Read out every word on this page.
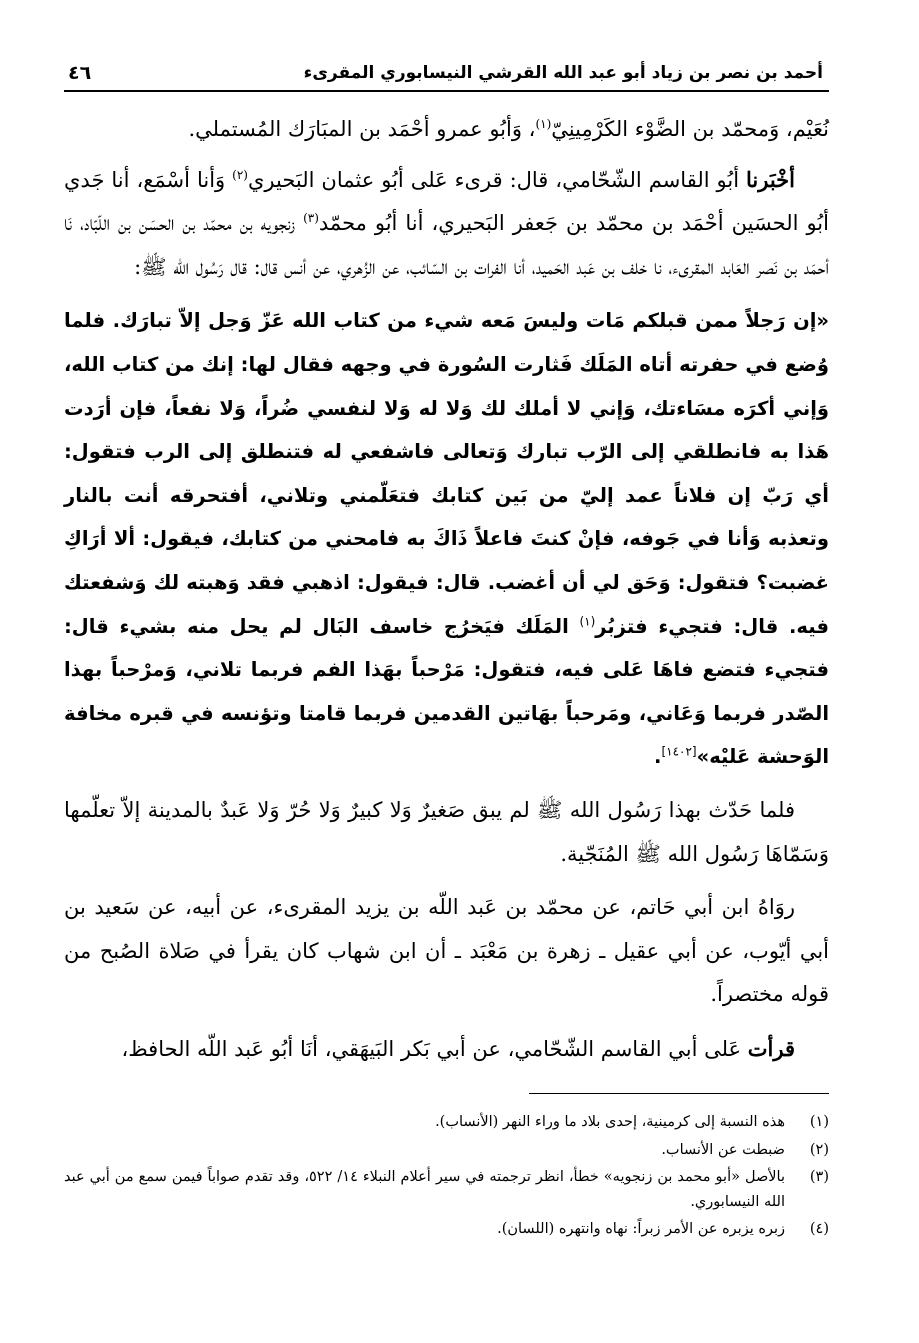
أحمد بن نصر بن زياد أبو عبد الله القرشي النيسابوري المقرىء
٤٦

نُعَيْم، وَمحمّد بن الضَّوْء الكَرْمِينِيّ$^{(١)}$، وَأبُو عمرو أحْمَد بن المبَارَك المُستملي.

أخْبَرنا أبُو القاسم الشّحّامي، قال: قرىء عَلى أبُو عثمان البَحيري$^{(٢)}$ وَأنا أسْمَع، أنا جَدي أبُو الحسَين أحْمَد بن محمّد بن جَعفر البَحيري، أنا أبُو محمّد$^{(٣)}$ زنجويه بن محمّد بن الحسَن بن اللّبّاد، نَا أحمَد بن نَصر العَابد المقرىء، نا خلف بن عَبد الحَميد، أنا الفرات بن السّائب، عن الزُهري، عن أنس قال: قال رَسُول الله ﷺ:

«إن رَجلاً ممن قبلكم مَات وليسَ مَعه شيء من كتاب الله عَزّ وَجل إلاّ تبارَك. فلما وُضع في حفرته أتاه المَلَك فَثارت السُورة في وجهه فقال لها: إنك من كتاب الله، وَإني أكرَه مسَاءتك، وَإني لا أملك لك وَلا له وَلا لنفسي ضُراً، وَلا نفعاً، فإن أرَدت هَذا به فانطلقي إلى الرّب تبارك وَتعالى فاشفعي له فتنطلق إلى الرب فتقول: أي رَبّ إن فلاناً عمد إليّ من بَين كتابك فتعَلّمني وتلاني، أفتحرقه أنت بالنار وتعذبه وَأنا في جَوفه، فإنْ كنتَ فاعلاً ذَاكَ به فامحني من كتابك، فيقول: ألا أرَاكِ غضبت؟ فتقول: وَحَق لي أن أغضب. قال: فيقول: اذهبي فقد وَهبته لك وَشفعتك فيه. قال: فتجيء فتزبُر$^{(١)}$ المَلَك فيَخرُج خاسف البَال لم يحل منه بشيء قال: فتجيء فتضع فاهَا عَلى فيه، فتقول: مَرْحباً بهَذا الفم فربما تلاني، وَمرْحباً بهذا الصّدر فربما وَعَاني، ومَرحباً بهَاتين القدمين فربما قامتا وتؤنسه في قبره مخافة الوَحشة عَليْه»[١٤٠٢].

فلما حَدّث بهذا رَسُول الله ﷺ لم يبق صَغيرٌ وَلا كبيرٌ وَلا حُرّ وَلا عَبدٌ بالمدينة إلاّ تعلّمها وَسَمّاهَا رَسُول الله ﷺ المُنَجّية.

روَاهُ ابن أبي حَاتم، عن محمّد بن عَبد اللّه بن يزيد المقرىء، عن أبيه، عن سَعيد بن أبي أيّوب، عن أبي عقيل ـ زهرة بن مَعْبَد ـ أن ابن شهاب كان يقرأ في صَلاة الصُبح من قوله مختصراً.

قرأت عَلى أبي القاسم الشّحّامي، عن أبي بَكر البَيهَقي، أنَا أبُو عَبد اللّه الحافظ،

(١)
هذه النسبة إلى كرمينية، إحدى بلاد ما وراء النهر (الأنساب).
(٢)
ضبطت عن الأنساب.
(٣)
بالأصل «أبو محمد بن زنجويه» خطأ، انظر ترجمته في سير أعلام النبلاء ١٤/ ٥٢٢، وقد تقدم صواباً فيمن سمع من أبي عبد الله النيسابوري.
(٤)
زبره يزبره عن الأمر زبراً: نهاه وانتهره (اللسان).
